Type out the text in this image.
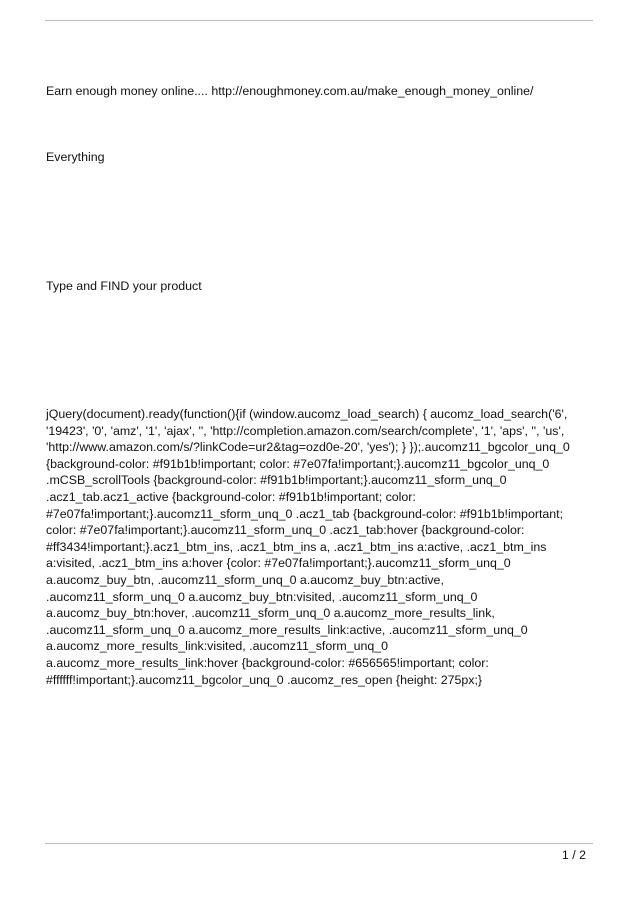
Earn enough money online.... http://enoughmoney.com.au/make_enough_money_online/
Everything
Type and FIND your product
jQuery(document).ready(function(){if (window.aucomz_load_search) { aucomz_load_search('6',
'19423', '0', 'amz', '1', 'ajax', '', 'http://completion.amazon.com/search/complete', '1', 'aps', '', 'us',
'http://www.amazon.com/s/?linkCode=ur2&tag=ozd0e-20', 'yes'); } });.aucomz11_bgcolor_unq_0
{background-color: #f91b1b!important; color: #7e07fa!important;}.aucomz11_bgcolor_unq_0
.mCSB_scrollTools {background-color: #f91b1b!important;}.aucomz11_sform_unq_0
.acz1_tab.acz1_active {background-color: #f91b1b!important; color:
#7e07fa!important;}.aucomz11_sform_unq_0 .acz1_tab {background-color: #f91b1b!important;
color: #7e07fa!important;}.aucomz11_sform_unq_0 .acz1_tab:hover {background-color:
#ff3434!important;}.acz1_btm_ins, .acz1_btm_ins a, .acz1_btm_ins a:active, .acz1_btm_ins
a:visited, .acz1_btm_ins a:hover {color: #7e07fa!important;}.aucomz11_sform_unq_0
a.aucomz_buy_btn, .aucomz11_sform_unq_0 a.aucomz_buy_btn:active,
.aucomz11_sform_unq_0 a.aucomz_buy_btn:visited, .aucomz11_sform_unq_0
a.aucomz_buy_btn:hover, .aucomz11_sform_unq_0 a.aucomz_more_results_link,
.aucomz11_sform_unq_0 a.aucomz_more_results_link:active, .aucomz11_sform_unq_0
a.aucomz_more_results_link:visited, .aucomz11_sform_unq_0
a.aucomz_more_results_link:hover {background-color: #656565!important; color:
#ffffff!important;}.aucomz11_bgcolor_unq_0 .aucomz_res_open {height: 275px;}
1 / 2
